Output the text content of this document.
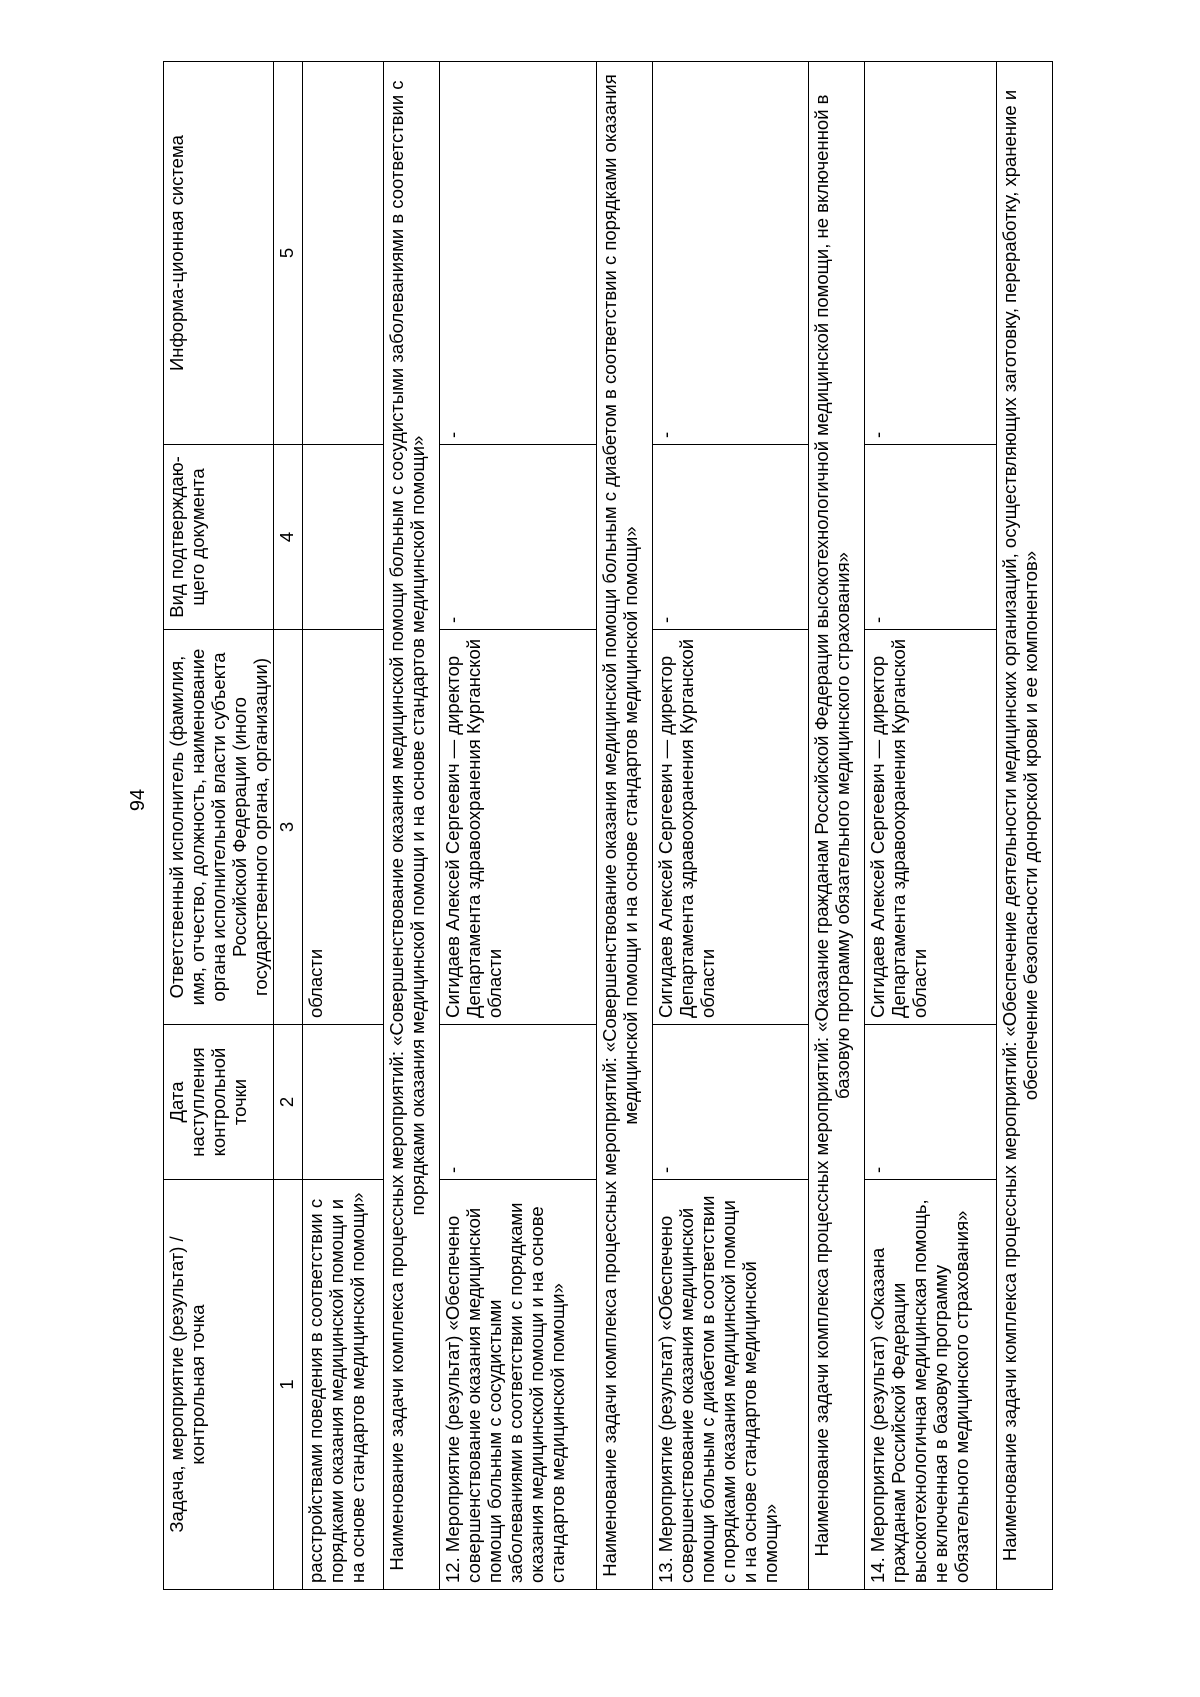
94
Задача, мероприятие (результат) / контрольная точка	Дата наступления контрольной точки	Ответственный исполнитель (фамилия, имя, отчество, должность, наименование органа исполнительной власти субъекта Российской Федерации (иного государственного органа, организации)	Вид подтверждаю-щего документа	Информа-ционная система
1	2	3	4	5
расстройствами поведения в соответствии с порядками оказания медицинской помощи и на основе стандартов медицинской помощи»		области		
Наименование задачи комплекса процессных мероприятий: «Совершенствование оказания медицинской помощи больным с сосудистыми заболеваниями в соответствии с порядками оказания медицинской помощи и на основе стандартов медицинской помощи»				
12. Мероприятие (результат) «Обеспечено совершенствование оказания медицинской помощи больным с сосудистыми заболеваниями в соответствии с порядками оказания медицинской помощи и на основе стандартов медицинской помощи»	-	Сигидаев Алексей Сергеевич — директор Департамента здравоохранения Курганской области	-	-
Наименование задачи комплекса процессных мероприятий: «Совершенствование оказания медицинской помощи больным с диабетом в соответствии с порядками оказания медицинской помощи и на основе стандартов медицинской помощи»				
13. Мероприятие (результат) «Обеспечено совершенствование оказания медицинской помощи больным с диабетом в соответствии с порядками оказания медицинской помощи и на основе стандартов медицинской помощи»	-	Сигидаев Алексей Сергеевич — директор Департамента здравоохранения Курганской области	-	-
Наименование задачи комплекса процессных мероприятий: «Оказание гражданам Российской Федерации высокотехнологичной медицинской помощи, не включенной в базовую программу обязательного медицинского страхования»				
14. Мероприятие (результат) «Оказана гражданам Российской Федерации высокотехнологичная медицинская помощь, не включенная в базовую программу обязательного медицинского страхования»	-	Сигидаев Алексей Сергеевич — директор Департамента здравоохранения Курганской области	-	-
Наименование задачи комплекса процессных мероприятий: «Обеспечение деятельности медицинских организаций, осуществляющих заготовку, переработку, хранение и обеспечение безопасности донорской крови и ее компонентов»				
